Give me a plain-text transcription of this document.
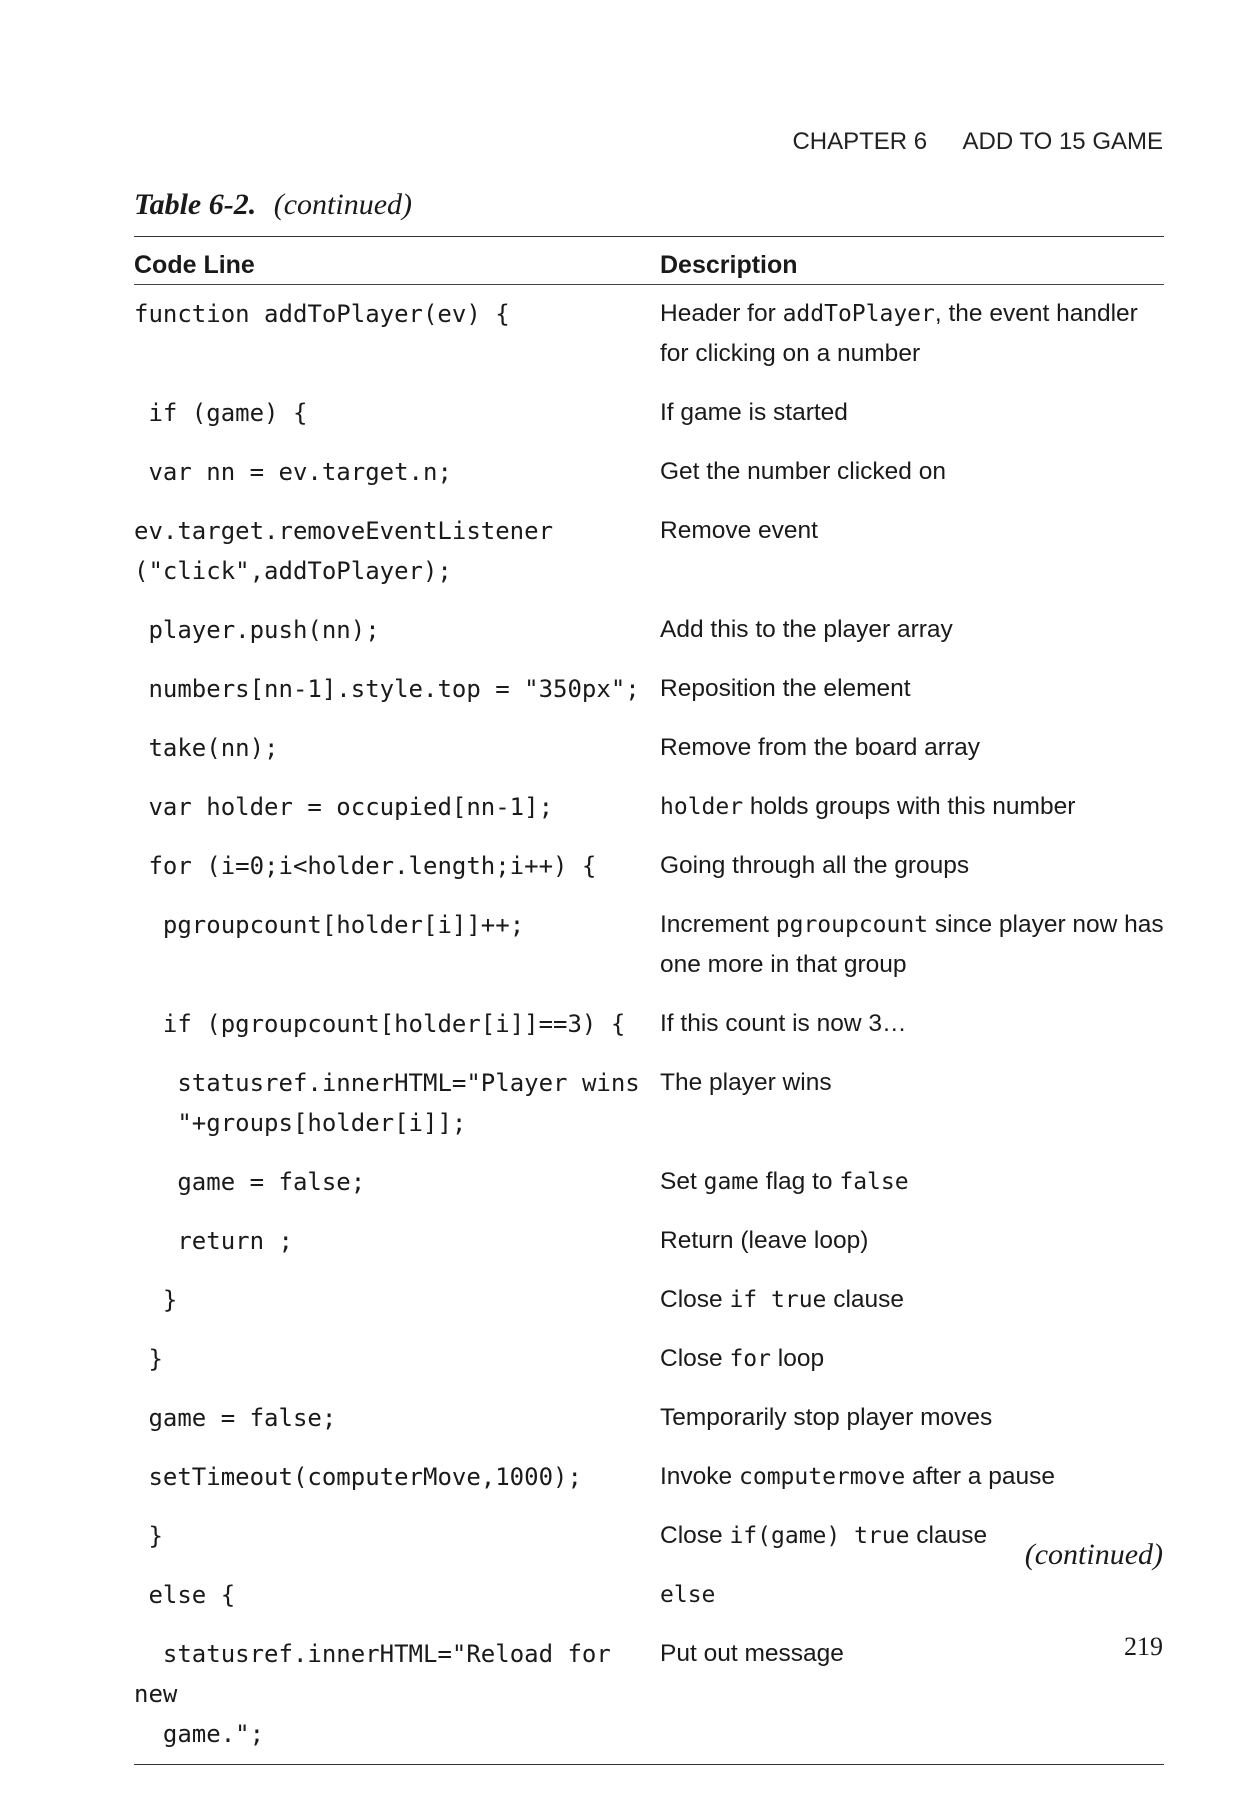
CHAPTER 6 ADD TO 15 GAME
Table 6-2. (continued)
Code Line	Description
function addToPlayer(ev) {	Header for addToPlayer, the event handler for clicking on a number
if (game) {	If game is started
var nn = ev.target.n;	Get the number clicked on
ev.target.removeEventListener
("click",addToPlayer);	Remove event
player.push(nn);	Add this to the player array
numbers[nn-1].style.top = "350px";	Reposition the element
take(nn);	Remove from the board array
var holder = occupied[nn-1];	holder holds groups with this number
for (i=0;i<holder.length;i++) {	Going through all the groups
pgroupcount[holder[i]]++;	Increment pgroupcount since player now has one more in that group
if (pgroupcount[holder[i]]==3) {	If this count is now 3…
statusref.innerHTML="Player wins
"+groups[holder[i]];	The player wins
game = false;	Set game flag to false
return ;	Return (leave loop)
}	Close if true clause
}	Close for loop
game = false;	Temporarily stop player moves
setTimeout(computerMove,1000);	Invoke computermove after a pause
}	Close if(game) true clause
else {	else
statusref.innerHTML="Reload for new
game.";	Put out message
(continued)
219
